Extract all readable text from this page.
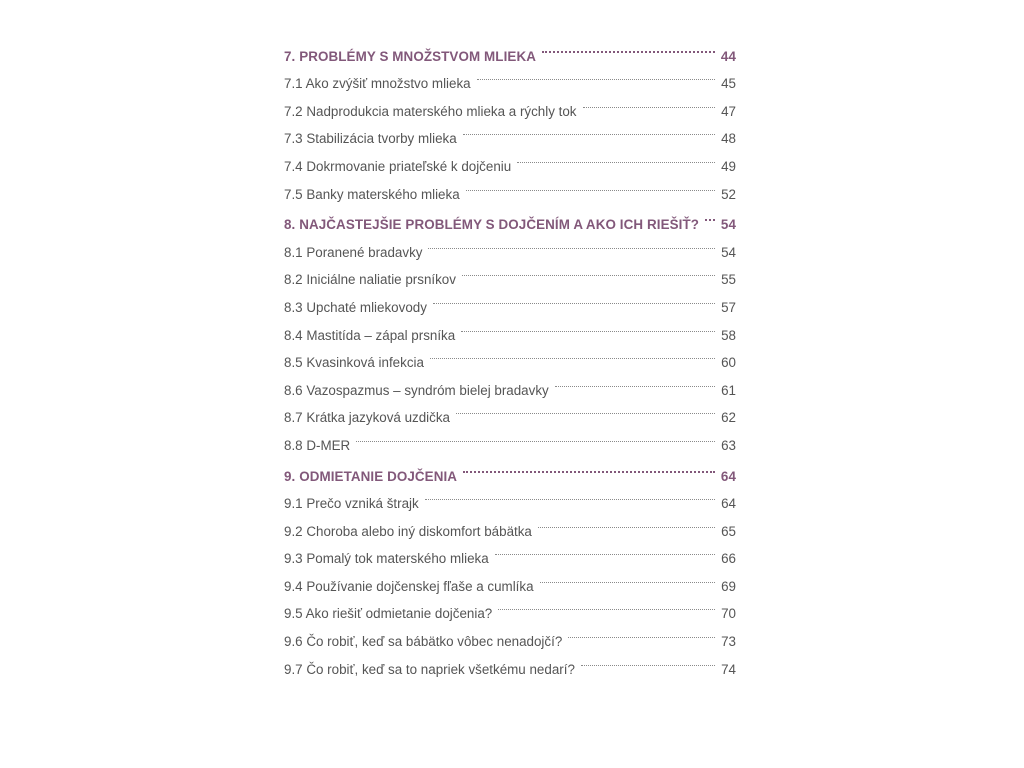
7. PROBLÉMY S MNOŽSTVOM MLIEKA	44
7.1 Ako zvýšiť množstvo mlieka	45
7.2 Nadprodukcia materského mlieka a rýchly tok	47
7.3 Stabilizácia tvorby mlieka	48
7.4 Dokrmovanie priateľské k dojčeniu	49
7.5 Banky materského mlieka	52
8. NAJČASTEJŠIE PROBLÉMY S DOJČENÍM A AKO ICH RIEŠIŤ? 54
8.1 Poranené bradavky	54
8.2 Iniciálne naliatie prsníkov	55
8.3 Upchaté mliekovody	57
8.4 Mastitída – zápal prsníka	58
8.5 Kvasinková infekcia	60
8.6 Vazospazmus – syndróm bielej bradavky	61
8.7 Krátka jazyková uzdička	62
8.8 D-MER	63
9. ODMIETANIE DOJČENIA	64
9.1 Prečo vzniká štrajk	64
9.2 Choroba alebo iný diskomfort bábätka	65
9.3 Pomalý tok materského mlieka	66
9.4 Používanie dojčenskej fľaše a cumlíka	69
9.5 Ako riešiť odmietanie dojčenia?	70
9.6 Čo robiť, keď sa bábätko vôbec nenadojčí?	73
9.7 Čo robiť, keď sa to napriek všetkému nedarí?	74
